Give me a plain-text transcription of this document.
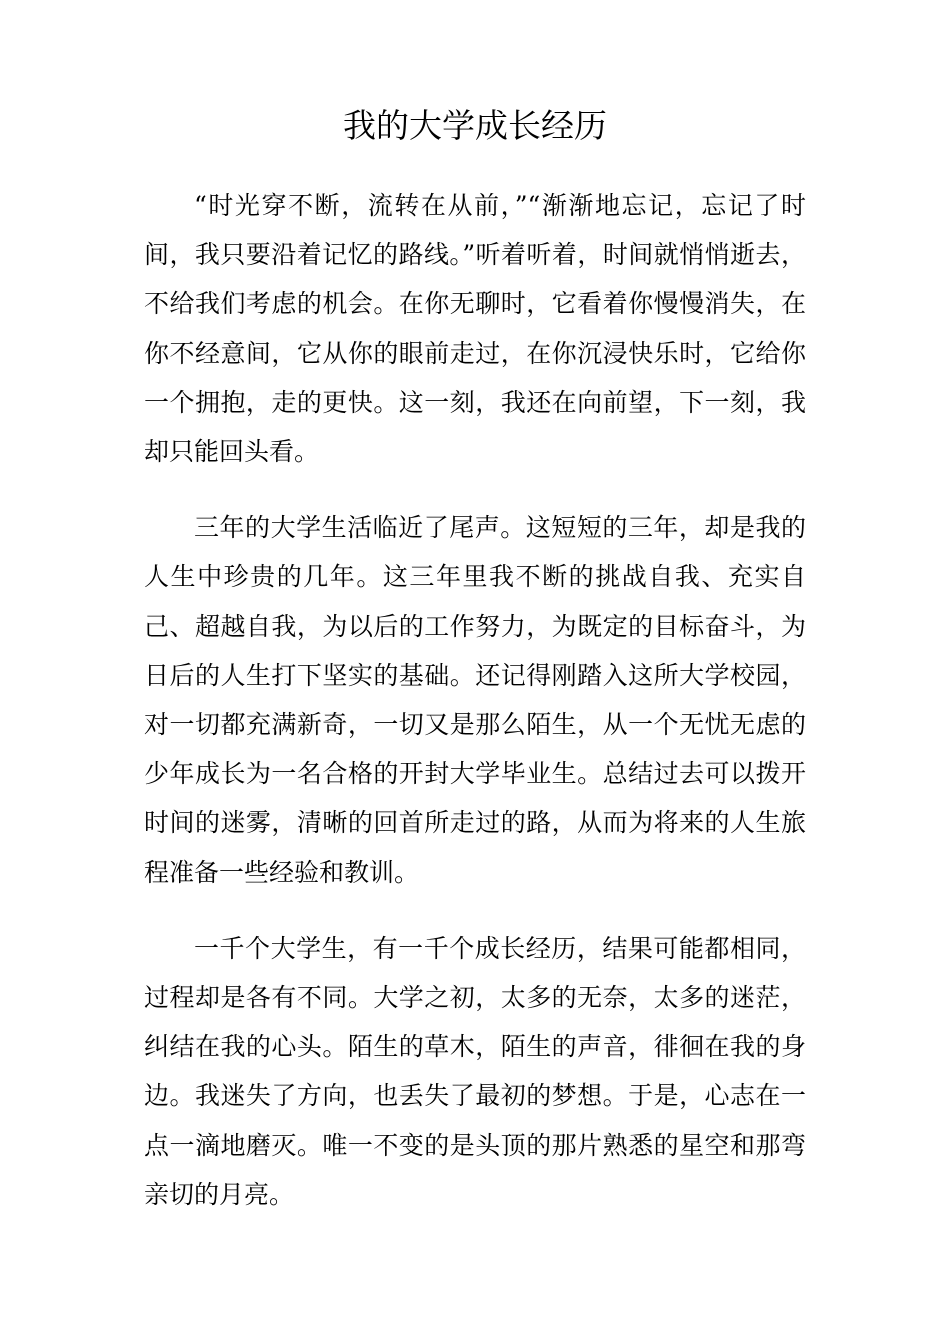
我的大学成长经历

“时光穿不断，流转在从前，”“渐渐地忘记，忘记了时间，我只要沿着记忆的路线。”听着听着，时间就悄悄逝去，不给我们考虑的机会。在你无聊时，它看着你慢慢消失，在你不经意间，它从你的眼前走过，在你沉浸快乐时，它给你一个拥抱，走的更快。这一刻，我还在向前望，下一刻，我却只能回头看。

三年的大学生活临近了尾声。这短短的三年，却是我的人生中珍贵的几年。这三年里我不断的挑战自我、充实自己、超越自我，为以后的工作努力，为既定的目标奋斗，为日后的人生打下坚实的基础。还记得刚踏入这所大学校园，对一切都充满新奇，一切又是那么陌生，从一个无忧无虑的少年成长为一名合格的开封大学毕业生。总结过去可以拨开时间的迷雾，清晰的回首所走过的路，从而为将来的人生旅程准备一些经验和教训。

一千个大学生，有一千个成长经历，结果可能都相同，过程却是各有不同。大学之初，太多的无奈，太多的迷茫，纠结在我的心头。陌生的草木，陌生的声音，徘徊在我的身边。我迷失了方向，也丢失了最初的梦想。于是，心志在一点一滴地磨灭。唯一不变的是头顶的那片熟悉的星空和那弯亲切的月亮。
